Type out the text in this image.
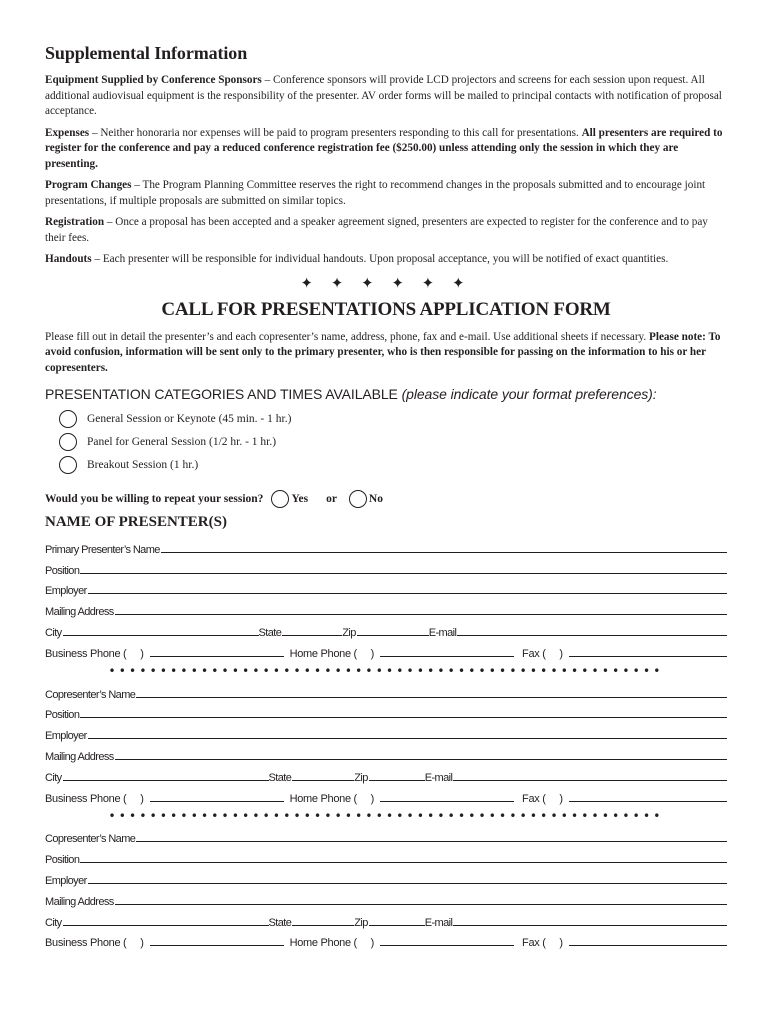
Supplemental Information

Equipment Supplied by Conference Sponsors – Conference sponsors will provide LCD projectors and screens for each session upon request. All additional audiovisual equipment is the responsibility of the presenter. AV order forms will be mailed to principal contacts with notification of proposal acceptance.

Expenses – Neither honoraria nor expenses will be paid to program presenters responding to this call for presentations. All presenters are required to register for the conference and pay a reduced conference registration fee ($250.00) unless attending only the session in which they are presenting.

Program Changes – The Program Planning Committee reserves the right to recommend changes in the proposals submitted and to encourage joint presentations, if multiple proposals are submitted on similar topics.

Registration – Once a proposal has been accepted and a speaker agreement signed, presenters are expected to register for the conference and to pay their fees.

Handouts – Each presenter will be responsible for individual handouts. Upon proposal acceptance, you will be notified of exact quantities.

✦ ✦ ✦ ✦ ✦ ✦
CALL FOR PRESENTATIONS APPLICATION FORM

Please fill out in detail the presenter’s and each copresenter’s name, address, phone, fax and e-mail. Use additional sheets if necessary. Please note: To avoid confusion, information will be sent only to the primary presenter, who is then responsible for passing on the information to his or her copresenters.

PRESENTATION CATEGORIES AND TIMES AVAILABLE (please indicate your format preferences):
General Session or Keynote (45 min. - 1 hr.)
Panel for General Session (1/2 hr. - 1 hr.)
Breakout Session (1 hr.)
Would you be willing to repeat your session? Yes or	No
NAME OF PRESENTER(S)
Primary Presenter’s Name
Position
Employer
Mailing Address
City	State	Zip	E-mail
Business Phone (     )	Home Phone (     )	Fax (     )
••••••••••••••••••••••••••••••••••••••••••••••••••••••
Copresenter’s Name
Position
Employer
Mailing Address
City	State	Zip	E-mail
Business Phone (     )	Home Phone (     )	Fax (     )
••••••••••••••••••••••••••••••••••••••••••••••••••••••
Copresenter’s Name
Position
Employer
Mailing Address
City	State	Zip	E-mail
Business Phone (     )	Home Phone (     )	Fax (     )
